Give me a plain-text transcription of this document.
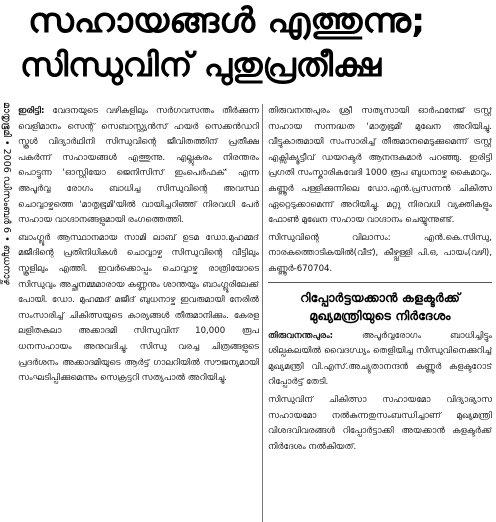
സഹായങ്ങൾ എത്തുന്നു;
സിന്ധുവിന് പുതുപ്രതീക്ഷ
മാതൃഭൂമി • 2006 ഡിസംബർ 6 • ബുധനാഴ്ച ഇരിട്ടി: വേദനയുടെ വഴികളിലും സർഗവസന്തം തീർക്കുന്ന വെളിമാനം സെന്റ് സെബാസ്റ്റ്യൻസ് ഹയർ സെക്കൻഡറി സ്കൂൾ വിദ്യാർഥിനി സിന്ധുവിന്റെ ജീവിതത്തിന് പ്രതീക്ഷ പകർന്ന് സഹായങ്ങൾ എത്തുന്നു. എല്ലുകരം നിരന്തരം പൊട്ടുന്ന 'ഓസ്റ്റിയോ ജെനിസിസ് ഇംപെർഫക്' എന്ന അപൂർവ്വ രോഗം ബാധിച്ച സിന്ധുവിന്റെ അവസ്ഥ ചൊവ്വാഴ്ചത്തെ 'മാതൃഭൂമി'യിൽ വായിച്ചറിഞ്ഞ് നിരവധി പേർ സഹായ വാഗ്ദാനങ്ങളുമായി രംഗത്തെത്തി.

ബാംഗ്ലൂർ ആസ്ഥാനമായ സാമി ലാബ് ഉടമ ഡോ.മുഹമ്മദ് മജീദിന്റെ പ്രതിനിധികൾ ചൊവ്വാഴ്ച സിന്ധുവിന്റെ വീട്ടിലും സ്കൂളിലും എത്തി. ഇവർക്കൊപ്പം ചൊവ്വാഴ്ച രാത്രിയോടെ സിന്ധുവും അച്ഛനമ്മമാരായ കണ്ണനും ശാന്തയും ബാംഗ്ലൂരിലേക്ക് പോയി. ഡോ. മുഹമ്മദ് മജീദ് ബുധനാഴ്ച ഇവരുമായി നേരിൽ സംസാരിച്ച് ചികിത്സയുടെ കാര്യങ്ങൾ തീരുമാനിക്കും. കേരള ലളിതകലാ അക്കാദമി സിന്ധുവിന് 10,000 രൂപ ധനസഹായം അനുവദിച്ചു. സിന്ധു വരച്ച ചിത്രങ്ങളുടെ പ്രദർശനം അക്കാദമിയുടെ ആർട്ട് ഗാലറിയിൽ സൗജന്യമായി സംഘടിപ്പിക്കുമെന്നും സെക്രട്ടറി സത്യപാൽ അറിയിച്ചു.

തിരുവനന്തപുരം ശ്രീ സത്യസായി ഓർഫനേജ് ട്രസ്റ്റ് സഹായ സന്നദ്ധത 'മാതൃഭൂമി' മുഖേന അറിയിച്ചു. വീട്ടുകാരുമായി സംസാരിച്ച് തീരുമാനമെടുക്കുമെന്ന് ട്രസ്റ്റ് എക്സിക്യൂട്ടീവ് ഡയറക്ടർ ആനന്ദകുമാർ പറഞ്ഞു. ഇരിട്ടി പ്രഗതി സംസ്കാരികവേദി 1000 രൂപ ബുധനാഴ്ച കൈമാറും. കണ്ണൂർ പള്ളിക്കുന്നിലെ ഡോ.എൻ.പ്രസന്നൻ ചികിത്സ ഏറ്റെടുക്കാമെന്ന് അറിയിച്ചു. മറ്റു നിരവധി വ്യക്തികളും ഫോൺ മുഖേന സഹായ വാഗ്ദാനം ചെയ്യുന്നുണ്ട്.

സിന്ധുവിന്റെ വിലാസം: എൻ.കെ.സിന്ധു, നാരകത്തൊടികയിൽ(വീട്), കീഴ്പ്പള്ളി പി.ഒ, പായം(വഴി), കണ്ണൂർ-670704.

റിപ്പോർട്ടയക്കാൻ കളക്ടർക്ക്
മുഖ്യമന്ത്രിയുടെ നിർദേശം

തിരുവനന്തപുരം: അപൂർവ്വരോഗം ബാധിച്ചിട്ടും ശില്പകലയിൽ വൈദഗ്ധ്യം തെളിയിച്ച സിന്ധുവിനെക്കുറിച്ച് മുഖ്യമന്ത്രി വി.എസ്.അച്യുതാനന്ദൻ കണ്ണൂർ കളക്ടറോട് റിപ്പോർട്ട് തേടി.

സിന്ധുവിന് ചികിത്സാ സഹായമോ വിദ്യാഭ്യാസ സഹായമോ നൽകുന്നതുസംബന്ധിച്ചാണ് മുഖ്യമന്ത്രി വിശദവിവരങ്ങൾ റിപ്പോർട്ടാക്കി അയക്കാൻ കളക്ടർക്ക് നിർദേശം നൽകിയത്.
